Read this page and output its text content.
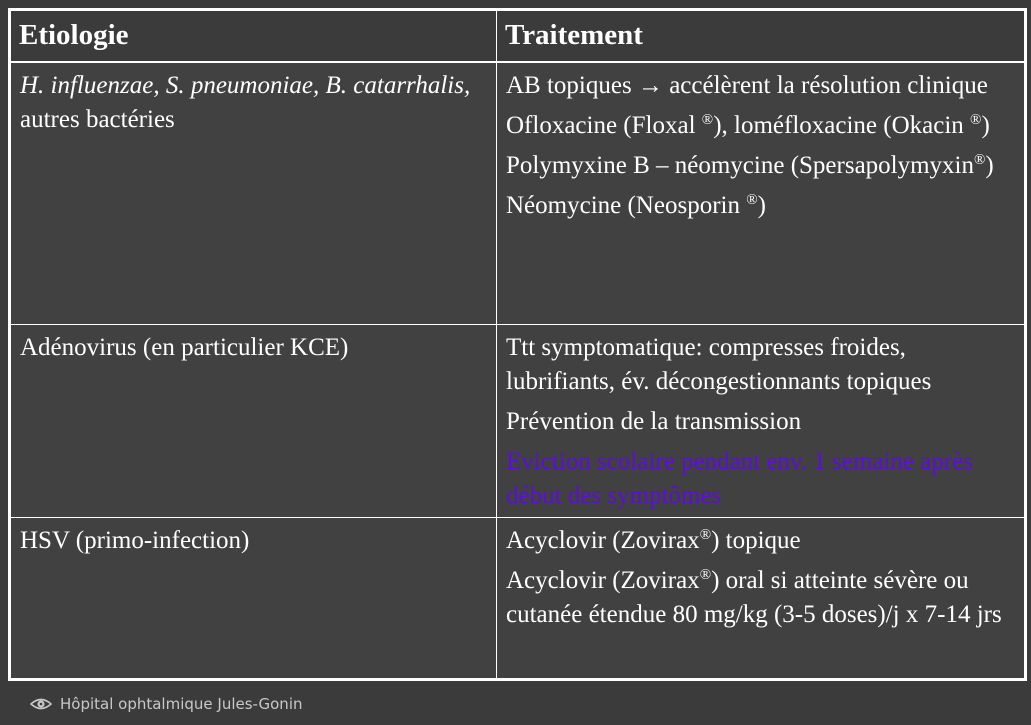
Etiologie	Traitement
H. influenzae, S. pneumoniae, B. catarrhalis, autres bactéries	AB topiques → accélèrent la résolution clinique
Ofloxacine (Floxal ®), loméfloxacine (Okacin ®)
Polymyxine B – néomycine (Spersapolymyxin®)
Néomycine (Neosporin ®)

Adénovirus (en particulier KCE)	Ttt symptomatique: compresses froides, lubrifiants, év. décongestionnants topiques
Prévention de la transmission
Eviction scolaire pendant env. 1 semaine après début des symptômes

HSV (primo-infection)	Acyclovir (Zovirax®) topique
Acyclovir (Zovirax®) oral si atteinte sévère ou cutanée étendue 80 mg/kg (3-5 doses)/j x 7-14 jrs
Hôpital ophtalmique Jules-Gonin
